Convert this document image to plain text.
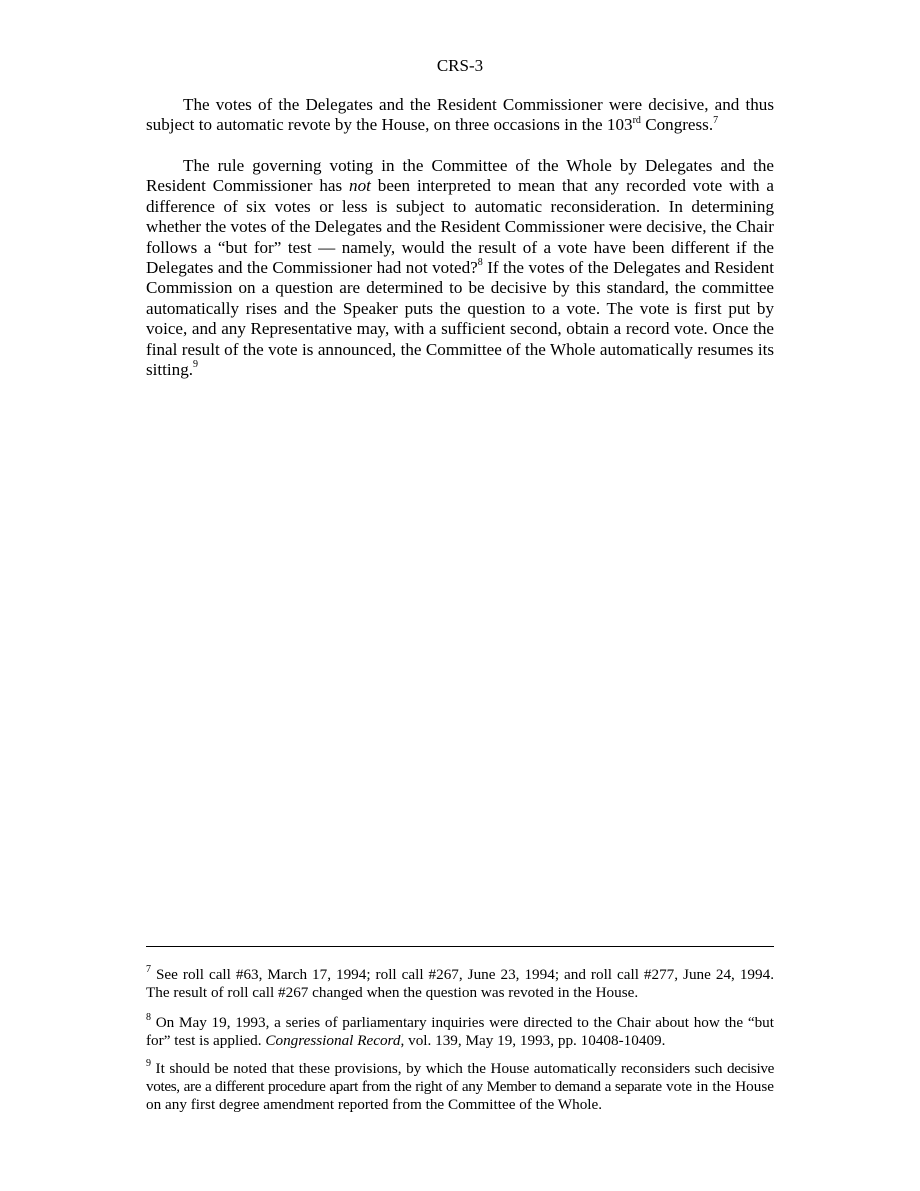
CRS-3

The votes of the Delegates and the Resident Commissioner were decisive, and thus subject to automatic revote by the House, on three occasions in the 103rd Congress.$^7$

The rule governing voting in the Committee of the Whole by Delegates and the Resident Commissioner has not been interpreted to mean that any recorded vote with a difference of six votes or less is subject to automatic reconsideration. In determining whether the votes of the Delegates and the Resident Commissioner were decisive, the Chair follows a “but for” test — namely, would the result of a vote have been different if the Delegates and the Commissioner had not voted?$^8$ If the votes of the Delegates and Resident Commission on a question are determined to be decisive by this standard, the committee automatically rises and the Speaker puts the question to a vote. The vote is first put by voice, and any Representative may, with a sufficient second, obtain a record vote. Once the final result of the vote is announced, the Committee of the Whole automatically resumes its sitting.$^9$

$^7$ See roll call #63, March 17, 1994; roll call #267, June 23, 1994; and roll call #277, June 24, 1994. The result of roll call #267 changed when the question was revoted in the House.

$^8$ On May 19, 1993, a series of parliamentary inquiries were directed to the Chair about how the “but for” test is applied. Congressional Record, vol. 139, May 19, 1993, pp. 10408-10409.

$^9$ It should be noted that these provisions, by which the House automatically reconsiders such decisive votes, are a different procedure apart from the right of any Member to demand a separate vote in the House on any first degree amendment reported from the Committee of the Whole.
